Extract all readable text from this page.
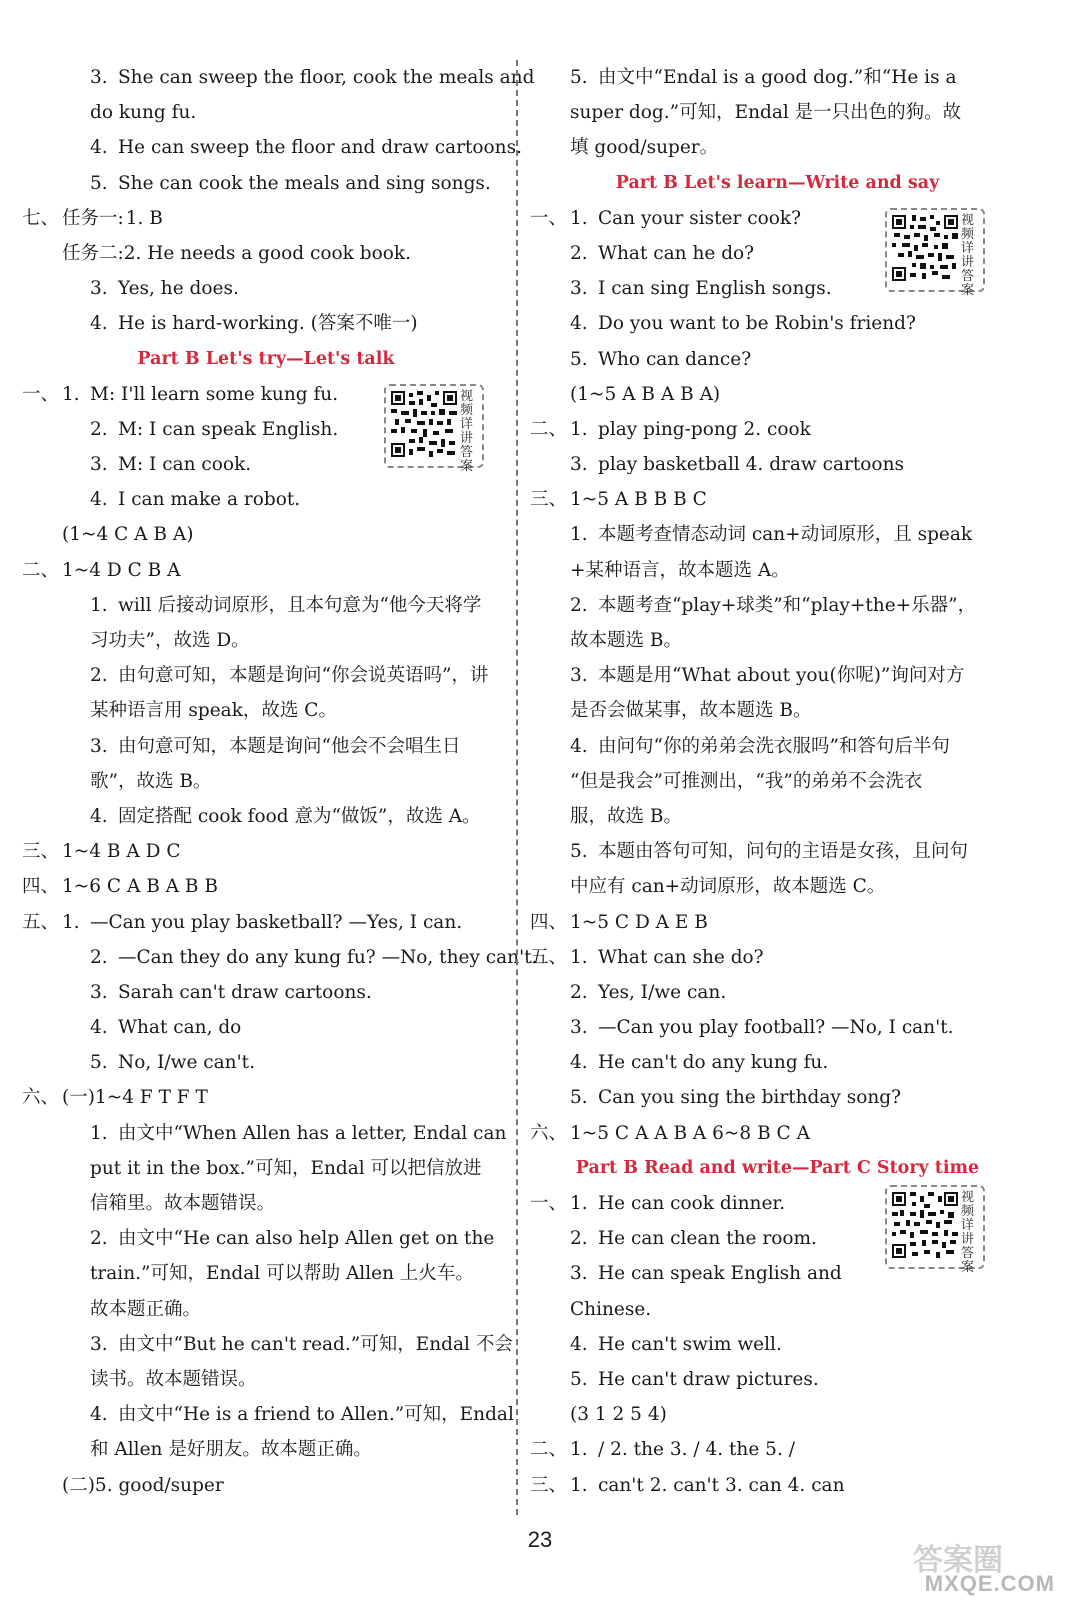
3. She can sweep the floor, cook the meals and
do kung fu.
4. He can sweep the floor and draw cartoons.
5. She can cook the meals and sing songs.
七、 任务一: 1. B
任务二:2. He needs a good cook book.
3. Yes, he does.
4. He is hard-working. (答案不唯一)
Part B Let's try—Let's talk
一、 1. M: I'll learn some kung fu.
2. M: I can speak English.
3. M: I can cook.
4. I can make a robot.
(1~4 C A B A)
二、 1~4 D C B A
1. will 后接动词原形，且本句意为“他今天将学
习功夫”，故选 D。
2. 由句意可知，本题是询问“你会说英语吗”，讲
某种语言用 speak，故选 C。
3. 由句意可知，本题是询问“他会不会唱生日
歌”，故选 B。
4. 固定搭配 cook food 意为“做饭”，故选 A。
三、 1~4 B A D C
四、 1~6 C A B A B B
五、 1. —Can you play basketball? —Yes, I can.
2. —Can they do any kung fu? —No, they can't.
3. Sarah can't draw cartoons.
4. What can, do
5. No, I/we can't.
六、 (一)1~4 F T F T
1. 由文中“When Allen has a letter, Endal can
put it in the box.”可知，Endal 可以把信放进
信箱里。故本题错误。
2. 由文中“He can also help Allen get on the
train.”可知，Endal 可以帮助 Allen 上火车。
故本题正确。
3. 由文中“But he can't read.”可知，Endal 不会
读书。故本题错误。
4. 由文中“He is a friend to Allen.”可知，Endal
和 Allen 是好朋友。故本题正确。
(二)5. good/super
5. 由文中“Endal is a good dog.”和“He is a
super dog.”可知，Endal 是一只出色的狗。故
填 good/super。
Part B Let's learn—Write and say
一、 1. Can your sister cook?
2. What can he do?
3. I can sing English songs.
4. Do you want to be Robin's friend?
5. Who can dance?
(1~5 A B A B A)
二、 1. play ping-pong 2. cook
3. play basketball 4. draw cartoons
三、 1~5 A B B B C
1. 本题考查情态动词 can+动词原形，且 speak
+某种语言，故本题选 A。
2. 本题考查“play+球类”和“play+the+乐器”，
故本题选 B。
3. 本题是用“What about you(你呢)”询问对方
是否会做某事，故本题选 B。
4. 由问句“你的弟弟会洗衣服吗”和答句后半句
“但是我会”可推测出，“我”的弟弟不会洗衣
服，故选 B。
5. 本题由答句可知，问句的主语是女孩，且问句
中应有 can+动词原形，故本题选 C。
四、 1~5 C D A E B
五、 1. What can she do?
2. Yes, I/we can.
3. —Can you play football? —No, I can't.
4. He can't do any kung fu.
5. Can you sing the birthday song?
六、 1~5 C A A B A 6~8 B C A
Part B Read and write—Part C Story time
一、 1. He can cook dinner.
2. He can clean the room.
3. He can speak English and
Chinese.
4. He can't swim well.
5. He can't draw pictures.
(3 1 2 5 4)
二、 1. / 2. the 3. / 4. the 5. /
三、 1. can't 2. can't 3. can 4. can
视频详讲答案
视频详讲答案
视频详讲答案
23
答案圈
MXQE.COM
